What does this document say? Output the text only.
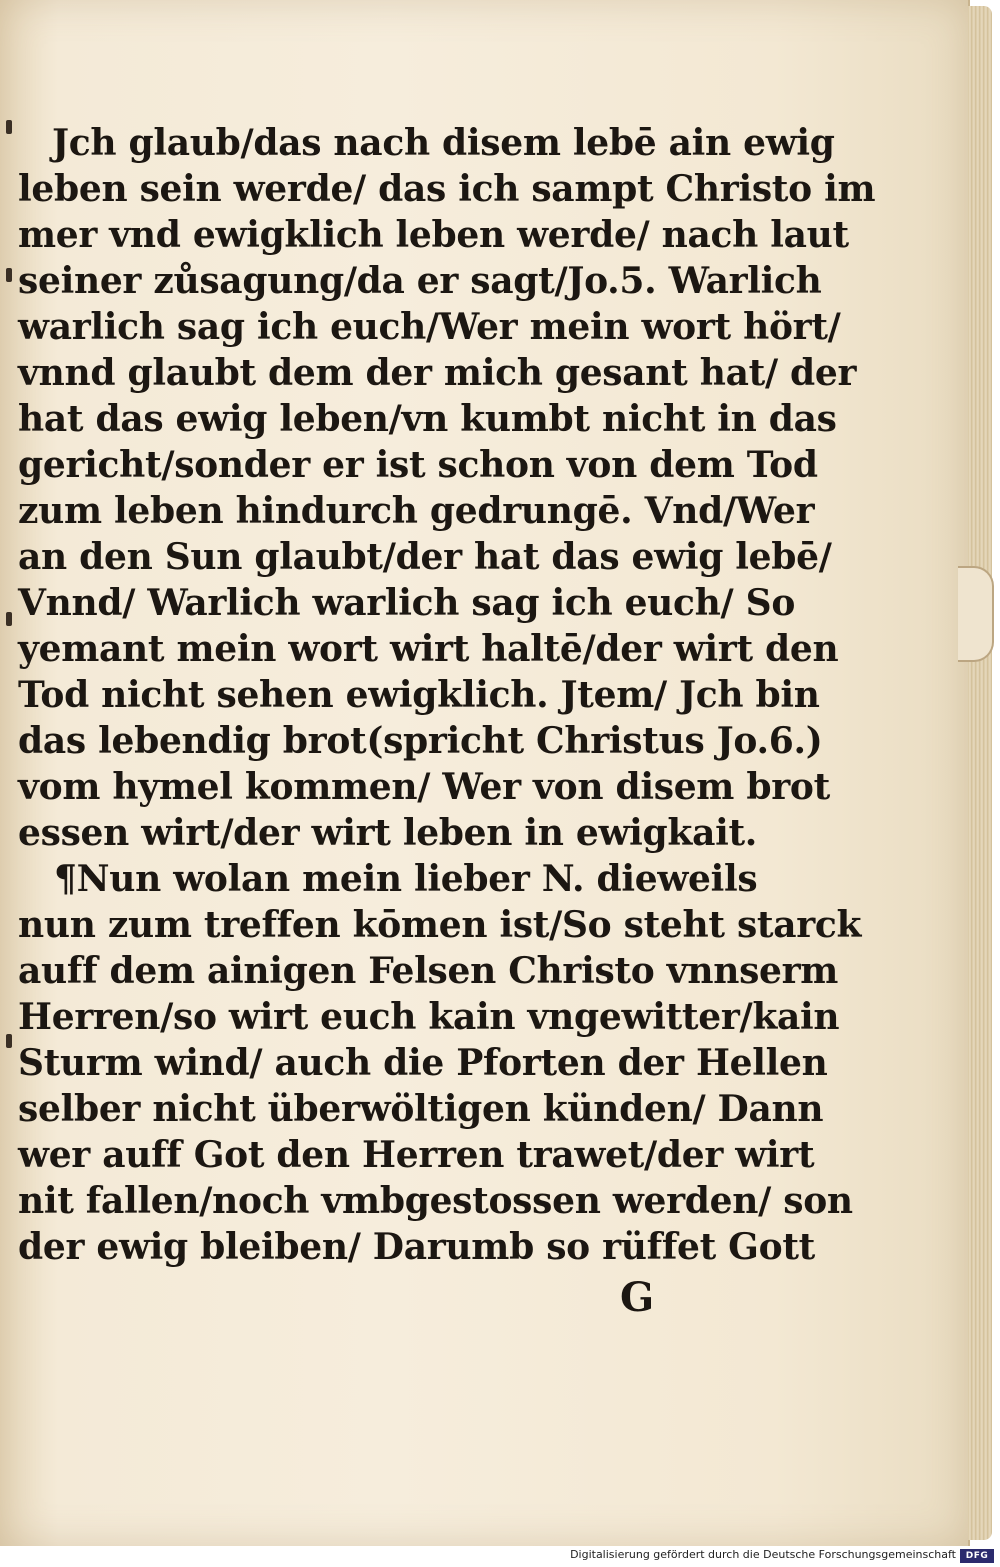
Jch glaub/das nach disem lebē ain ewig
leben sein werde/ das ich sampt Christo im
mer vnd ewigklich leben werde/ nach laut
seiner zůsagung/da er sagt/Jo.5. Warlich
warlich sag ich euch/Wer mein wort hört/
vnnd glaubt dem der mich gesant hat/ der
hat das ewig leben/vn kumbt nicht in das
gericht/sonder er ist schon von dem Tod
zum leben hindurch gedrungē. Vnd/Wer
an den Sun glaubt/der hat das ewig lebē/
Vnnd/ Warlich warlich sag ich euch/ So
yemant mein wort wirt haltē/der wirt den
Tod nicht sehen ewigklich. Jtem/ Jch bin
das lebendig brot(spricht Christus Jo.6.)
vom hymel kommen/ Wer von disem brot
essen wirt/der wirt leben in ewigkait.
¶Nun wolan mein lieber N. dieweils
nun zum treffen kōmen ist/So steht starck
auff dem ainigen Felsen Christo vnnserm
Herren/so wirt euch kain vngewitter/kain
Sturm wind/ auch die Pforten der Hellen
selber nicht überwöltigen künden/ Dann
wer auff Got den Herren trawet/der wirt
nit fallen/noch vmbgestossen werden/ son
der ewig bleiben/ Darumb so rüffet Gott
G
Digitalisierung gefördert durch die Deutsche Forschungsgemeinschaft	DFG
